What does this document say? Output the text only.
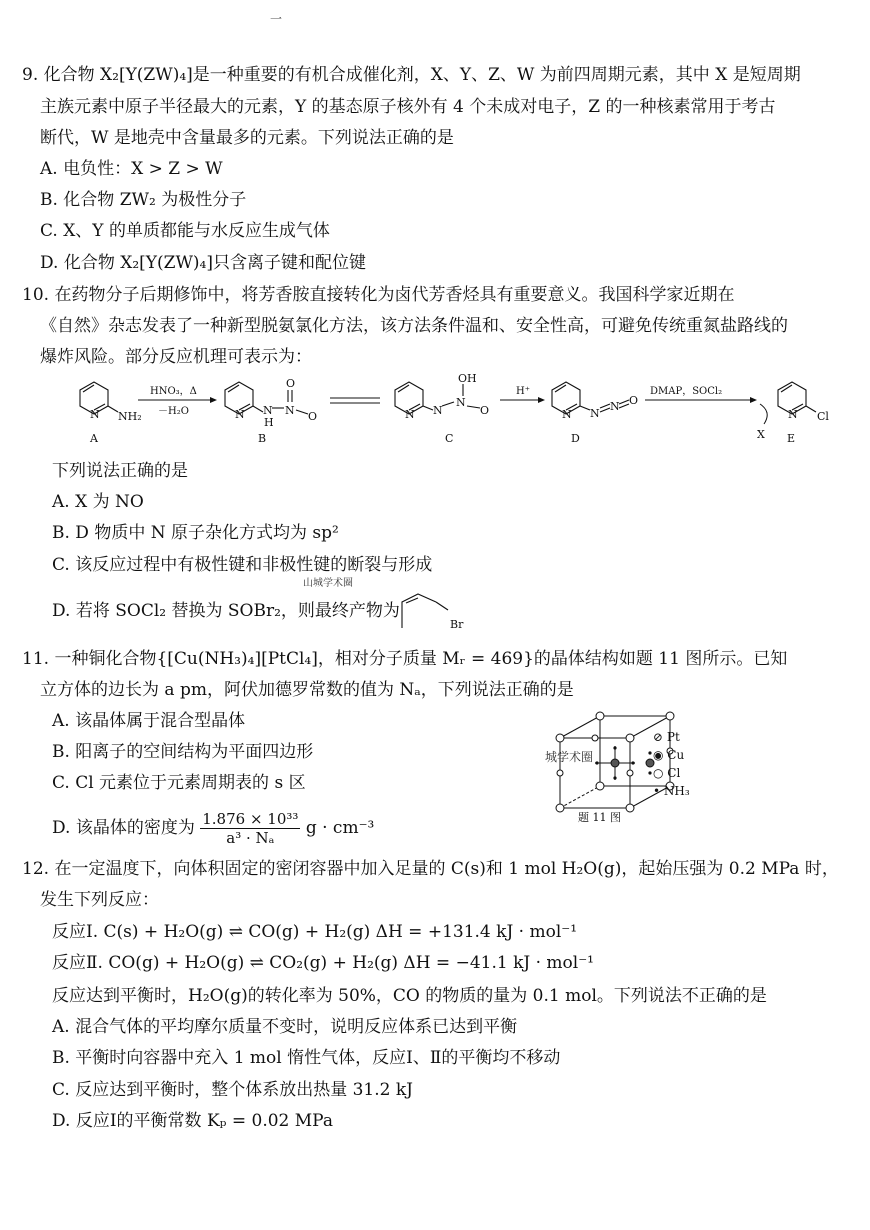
一
9. 化合物 X₂[Y(ZW)₄]是一种重要的有机合成催化剂，X、Y、Z、W 为前四周期元素，其中 X 是短周期
主族元素中原子半径最大的元素，Y 的基态原子核外有 4 个未成对电子，Z 的一种核素常用于考古
断代，W 是地壳中含量最多的元素。下列说法正确的是
A. 电负性：X > Z > W
B. 化合物 ZW₂ 为极性分子
C. X、Y 的单质都能与水反应生成气体
D. 化合物 X₂[Y(ZW)₄]只含离子键和配位键
10. 在药物分子后期修饰中，将芳香胺直接转化为卤代芳香烃具有重要意义。我国科学家近期在
《自然》杂志发表了一种新型脱氨氯化方法，该方法条件温和、安全性高，可避免传统重氮盐路线的
爆炸风险。部分反应机理可表示为：
N NH₂
A
HNO₃，Δ
－H₂O	N N
H
N
O
O
B
N N
N
OH
O
C
H⁺
N N
N O
D
DMAP，SOCl₂
X
N Cl
E
下列说法正确的是
A. X 为 NO
B. D 物质中 N 原子杂化方式均为 sp²
C. 该反应过程中有极性键和非极性键的断裂与形成
山城学术圈
D. 若将 SOCl₂ 替换为 SOBr₂，则最终产物为
Br
11. 一种铜化合物{[Cu(NH₃)₄][PtCl₄]，相对分子质量 Mᵣ = 469}的晶体结构如题 11 图所示。已知
立方体的边长为 a pm，阿伏加德罗常数的值为 Nₐ，下列说法正确的是
A. 该晶体属于混合型晶体
B. 阳离子的空间结构为平面四边形
C. Cl 元素位于元素周期表的 s 区
D. 该晶体的密度为 $\frac{\text{1.876 × 10³³}}{\text{a³ · Nₐ}}$ g · cm⁻³
城学术圈
⊘ Pt
◉ Cu
○ Cl
• NH₃
题 11 图
12. 在一定温度下，向体积固定的密闭容器中加入足量的 C(s)和 1 mol H₂O(g)，起始压强为 0.2 MPa 时，
发生下列反应：
反应Ⅰ. C(s) + H₂O(g) ⇌ CO(g) + H₂(g) ΔH = +131.4 kJ · mol⁻¹
反应Ⅱ. CO(g) + H₂O(g) ⇌ CO₂(g) + H₂(g) ΔH = −41.1 kJ · mol⁻¹
反应达到平衡时，H₂O(g)的转化率为 50%，CO 的物质的量为 0.1 mol。下列说法不正确的是
A. 混合气体的平均摩尔质量不变时，说明反应体系已达到平衡
B. 平衡时向容器中充入 1 mol 惰性气体，反应Ⅰ、Ⅱ的平衡均不移动
C. 反应达到平衡时，整个体系放出热量 31.2 kJ
D. 反应Ⅰ的平衡常数 Kₚ = 0.02 MPa
